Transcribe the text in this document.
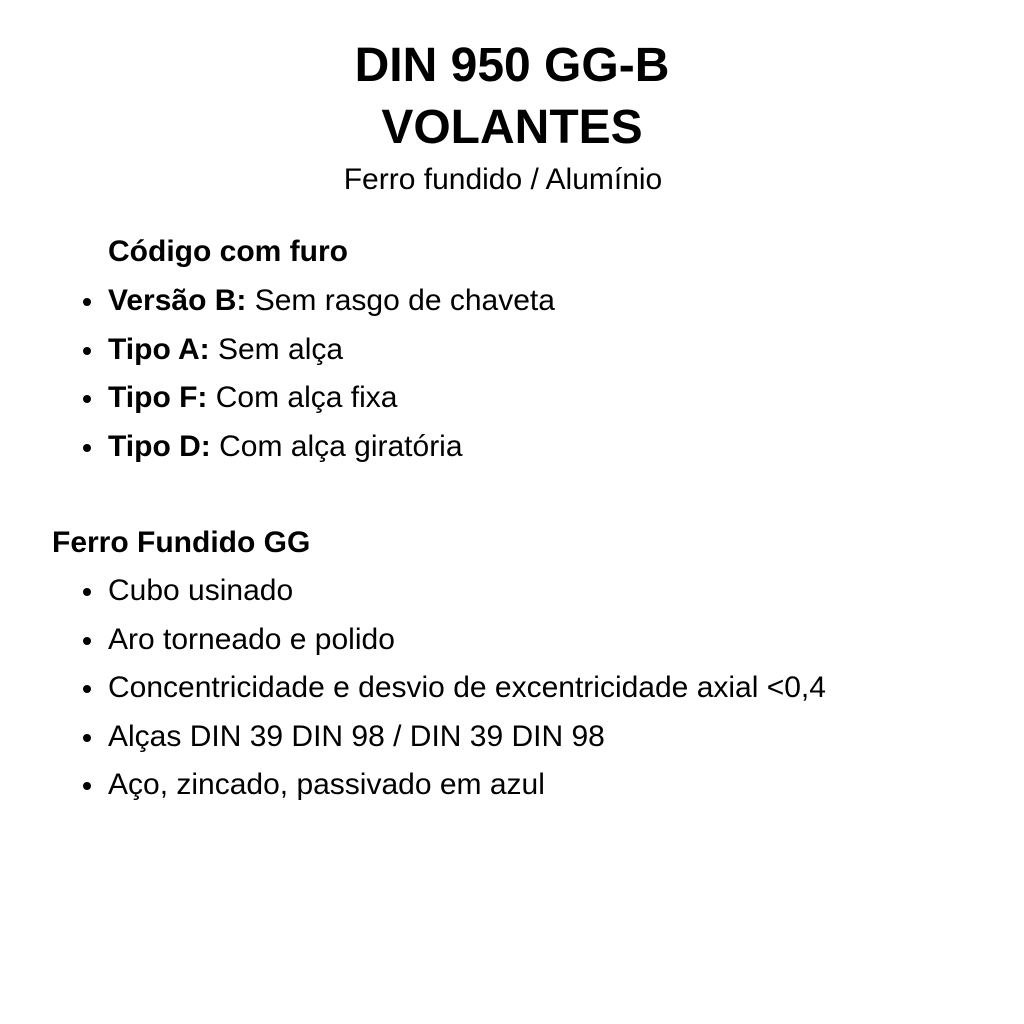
DIN 950 GG-B
VOLANTES

Ferro fundido / Alumínio

Código com furo
Versão B: Sem rasgo de chaveta
Tipo A: Sem alça
Tipo F: Com alça fixa
Tipo D: Com alça giratória
Ferro Fundido GG
Cubo usinado
Aro torneado e polido
Concentricidade e desvio de excentricidade axial <0,4
Alças DIN 39 DIN 98 / DIN 39 DIN 98
Aço, zincado, passivado em azul
